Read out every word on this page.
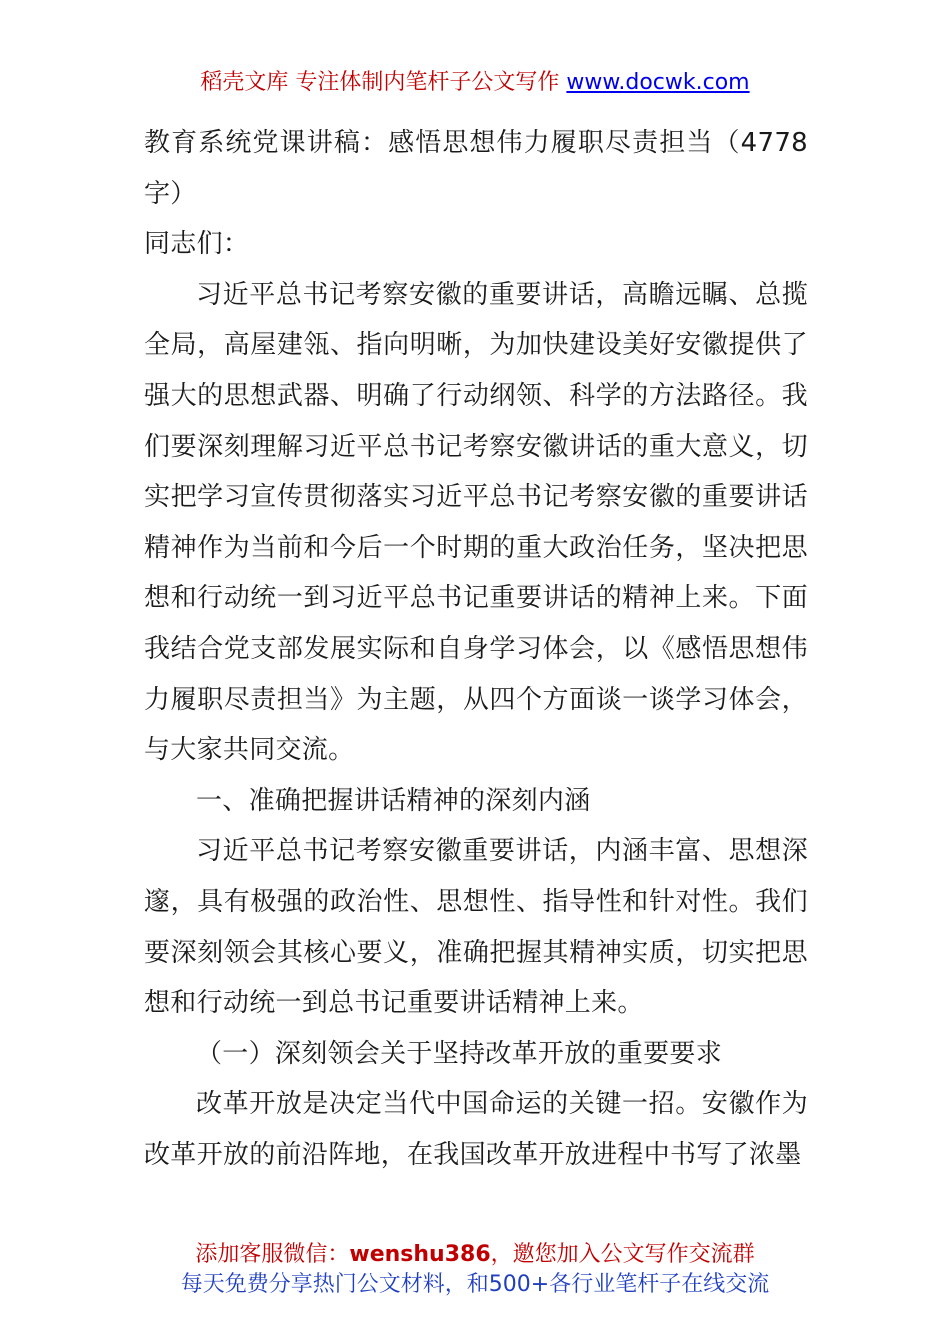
稻壳文库 专注体制内笔杆子公文写作 www.docwk.com

教育系统党课讲稿：感悟思想伟力履职尽责担当（4778字）

同志们：

习近平总书记考察安徽的重要讲话，高瞻远瞩、总揽全局，高屋建瓴、指向明晰，为加快建设美好安徽提供了强大的思想武器、明确了行动纲领、科学的方法路径。我们要深刻理解习近平总书记考察安徽讲话的重大意义，切实把学习宣传贯彻落实习近平总书记考察安徽的重要讲话精神作为当前和今后一个时期的重大政治任务，坚决把思想和行动统一到习近平总书记重要讲话的精神上来。下面我结合党支部发展实际和自身学习体会，以《感悟思想伟力履职尽责担当》为主题，从四个方面谈一谈学习体会，与大家共同交流。

一、准确把握讲话精神的深刻内涵

习近平总书记考察安徽重要讲话，内涵丰富、思想深邃，具有极强的政治性、思想性、指导性和针对性。我们要深刻领会其核心要义，准确把握其精神实质，切实把思想和行动统一到总书记重要讲话精神上来。

（一）深刻领会关于坚持改革开放的重要要求

改革开放是决定当代中国命运的关键一招。安徽作为改革开放的前沿阵地，在我国改革开放进程中书写了浓墨

添加客服微信：wenshu386，邀您加入公文写作交流群
每天免费分享热门公文材料，和500+各行业笔杆子在线交流
